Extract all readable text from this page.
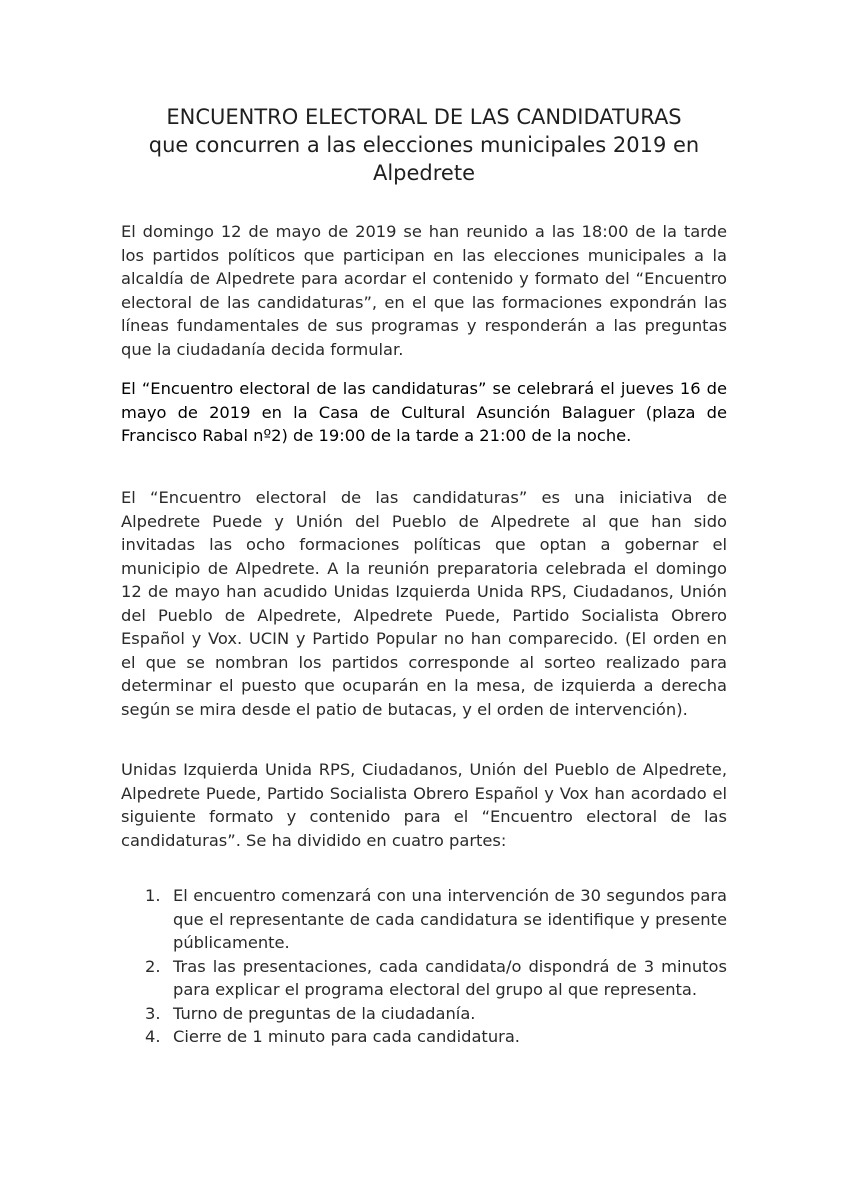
ENCUENTRO ELECTORAL DE LAS CANDIDATURAS
que concurren a las elecciones municipales 2019 en
Alpedrete
El domingo 12 de mayo de 2019 se han reunido a las 18:00 de la tarde los partidos políticos que participan en las elecciones municipales a la alcaldía de Alpedrete para acordar el contenido y formato del “Encuentro electoral de las candidaturas”, en el que las formaciones expondrán las líneas fundamentales de sus programas y responderán a las preguntas que la ciudadanía decida formular.
El “Encuentro electoral de las candidaturas” se celebrará el jueves 16 de mayo de 2019 en la Casa de Cultural Asunción Balaguer (plaza de Francisco Rabal nº2) de 19:00 de la tarde a 21:00 de la noche.
El “Encuentro electoral de las candidaturas” es una iniciativa de Alpedrete Puede y Unión del Pueblo de Alpedrete al que han sido invitadas las ocho formaciones políticas que optan a gobernar el municipio de Alpedrete. A la reunión preparatoria celebrada el domingo 12 de mayo han acudido Unidas Izquierda Unida RPS, Ciudadanos, Unión del Pueblo de Alpedrete, Alpedrete Puede, Partido Socialista Obrero Español y Vox. UCIN y Partido Popular no han comparecido. (El orden en el que se nombran los partidos corresponde al sorteo realizado para determinar el puesto que ocuparán en la mesa, de izquierda a derecha según se mira desde el patio de butacas, y el orden de intervención).
Unidas Izquierda Unida RPS, Ciudadanos, Unión del Pueblo de Alpedrete, Alpedrete Puede, Partido Socialista Obrero Español y Vox han acordado el siguiente formato y contenido para el “Encuentro electoral de las candidaturas”. Se ha dividido en cuatro partes:
1. El encuentro comenzará con una intervención de 30 segundos para que el representante de cada candidatura se identifique y presente públicamente.
2. Tras las presentaciones, cada candidata/o dispondrá de 3 minutos para explicar el programa electoral del grupo al que representa.
3. Turno de preguntas de la ciudadanía.
4. Cierre de 1 minuto para cada candidatura.
